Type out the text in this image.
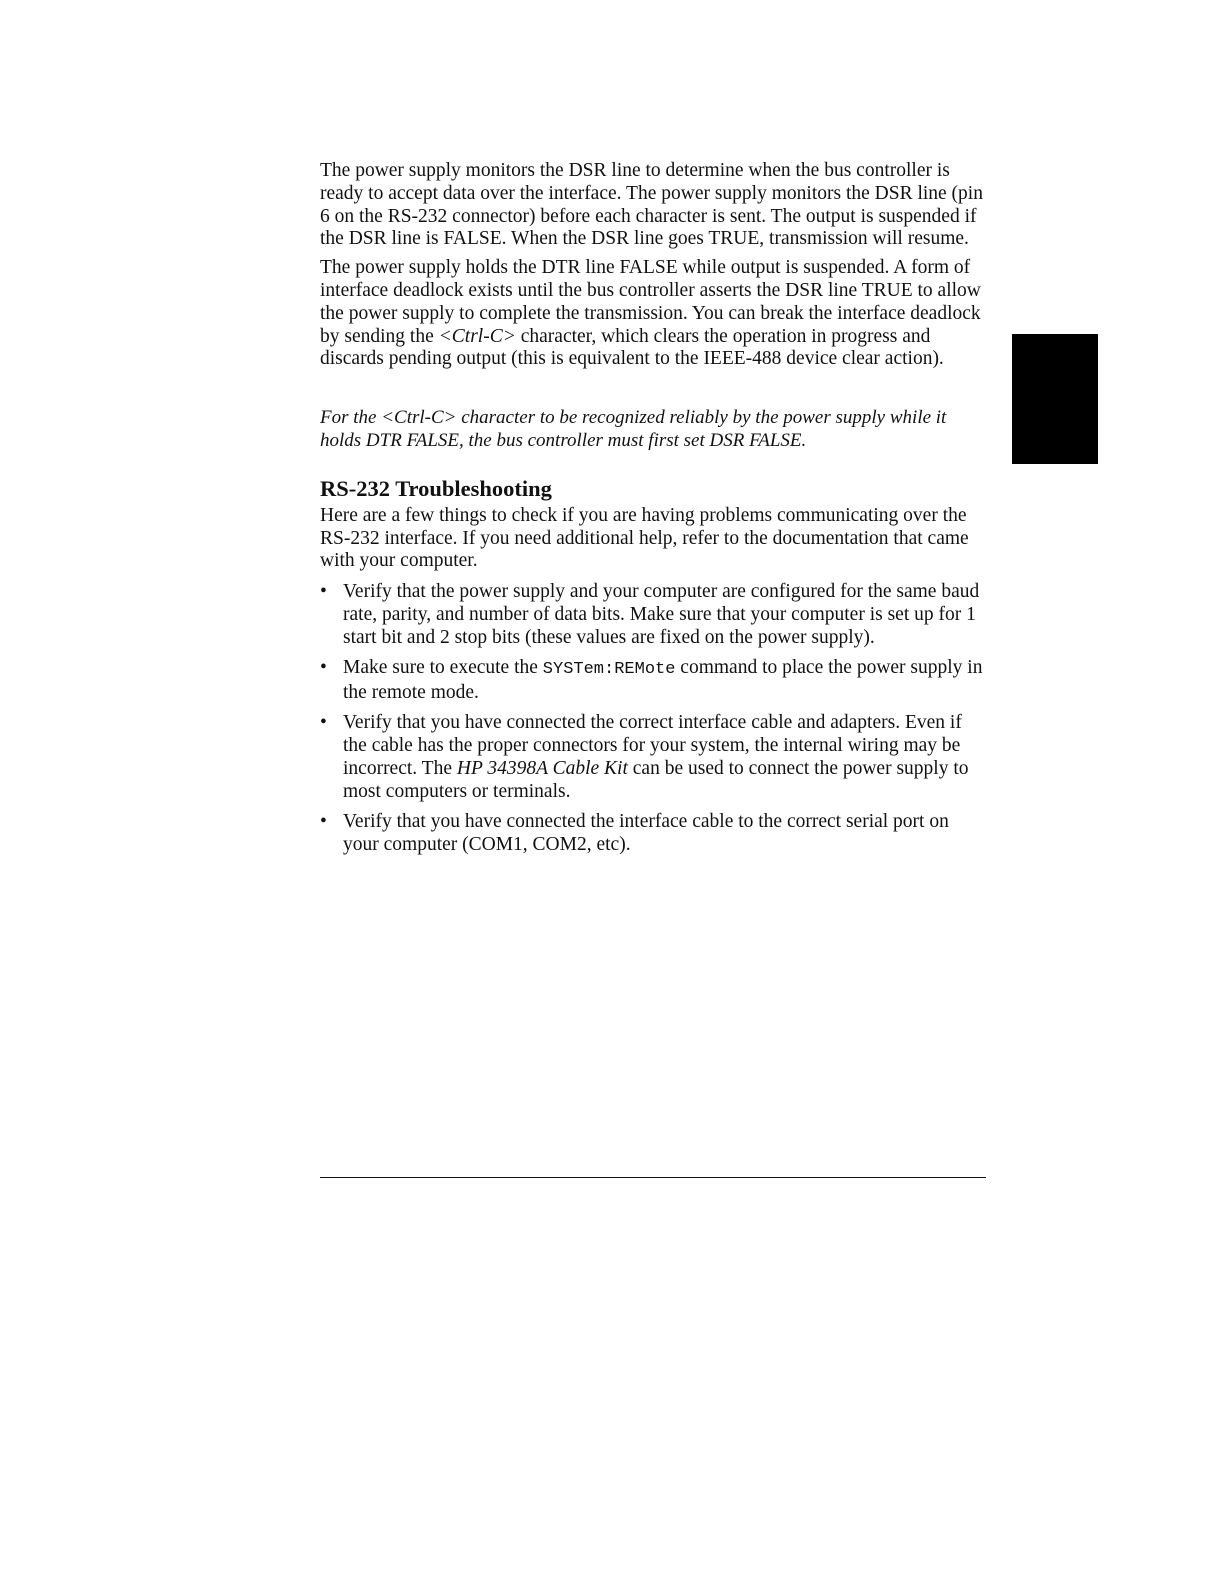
The power supply monitors the DSR line to determine when the bus controller is ready to accept data over the interface. The power supply monitors the DSR line (pin 6 on the RS-232 connector) before each character is sent. The output is suspended if the DSR line is FALSE. When the DSR line goes TRUE, transmission will resume.

The power supply holds the DTR line FALSE while output is suspended. A form of interface deadlock exists until the bus controller asserts the DSR line TRUE to allow the power supply to complete the transmission. You can break the interface deadlock by sending the <Ctrl-C> character, which clears the operation in progress and discards pending output (this is equivalent to the IEEE-488 device clear action).

For the <Ctrl-C> character to be recognized reliably by the power supply while it holds DTR FALSE, the bus controller must first set DSR FALSE.

RS-232 Troubleshooting

Here are a few things to check if you are having problems communicating over the RS-232 interface. If you need additional help, refer to the documentation that came with your computer.

• Verify that the power supply and your computer are configured for the same baud rate, parity, and number of data bits. Make sure that your computer is set up for 1 start bit and 2 stop bits (these values are fixed on the power supply).
• Make sure to execute the SYSTem:REMote command to place the power supply in the remote mode.
• Verify that you have connected the correct interface cable and adapters. Even if the cable has the proper connectors for your system, the internal wiring may be incorrect. The HP 34398A Cable Kit can be used to connect the power supply to most computers or terminals.
• Verify that you have connected the interface cable to the correct serial port on your computer (COM1, COM2, etc).
